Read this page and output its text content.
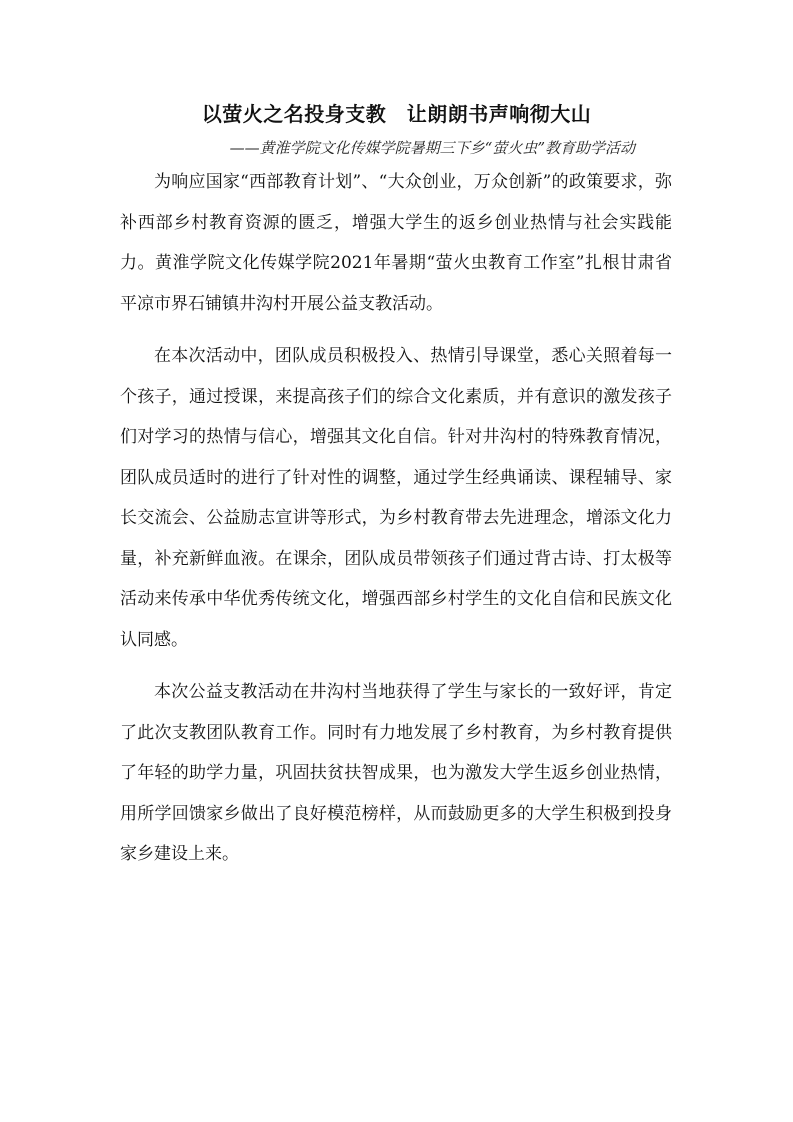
以萤火之名投身支教　让朗朗书声响彻大山
——黄淮学院文化传媒学院暑期三下乡“萤火虫”教育助学活动

为响应国家“西部教育计划”、“大众创业，万众创新”的政策要求，弥补西部乡村教育资源的匮乏，增强大学生的返乡创业热情与社会实践能力。黄淮学院文化传媒学院2021年暑期“萤火虫教育工作室”扎根甘肃省平凉市界石铺镇井沟村开展公益支教活动。

在本次活动中，团队成员积极投入、热情引导课堂，悉心关照着每一个孩子，通过授课，来提高孩子们的综合文化素质，并有意识的激发孩子们对学习的热情与信心，增强其文化自信。针对井沟村的特殊教育情况，团队成员适时的进行了针对性的调整，通过学生经典诵读、课程辅导、家长交流会、公益励志宣讲等形式，为乡村教育带去先进理念，增添文化力量，补充新鲜血液。在课余，团队成员带领孩子们通过背古诗、打太极等活动来传承中华优秀传统文化，增强西部乡村学生的文化自信和民族文化认同感。

本次公益支教活动在井沟村当地获得了学生与家长的一致好评，肯定了此次支教团队教育工作。同时有力地发展了乡村教育，为乡村教育提供了年轻的助学力量，巩固扶贫扶智成果，也为激发大学生返乡创业热情，用所学回馈家乡做出了良好模范榜样，从而鼓励更多的大学生积极到投身家乡建设上来。
